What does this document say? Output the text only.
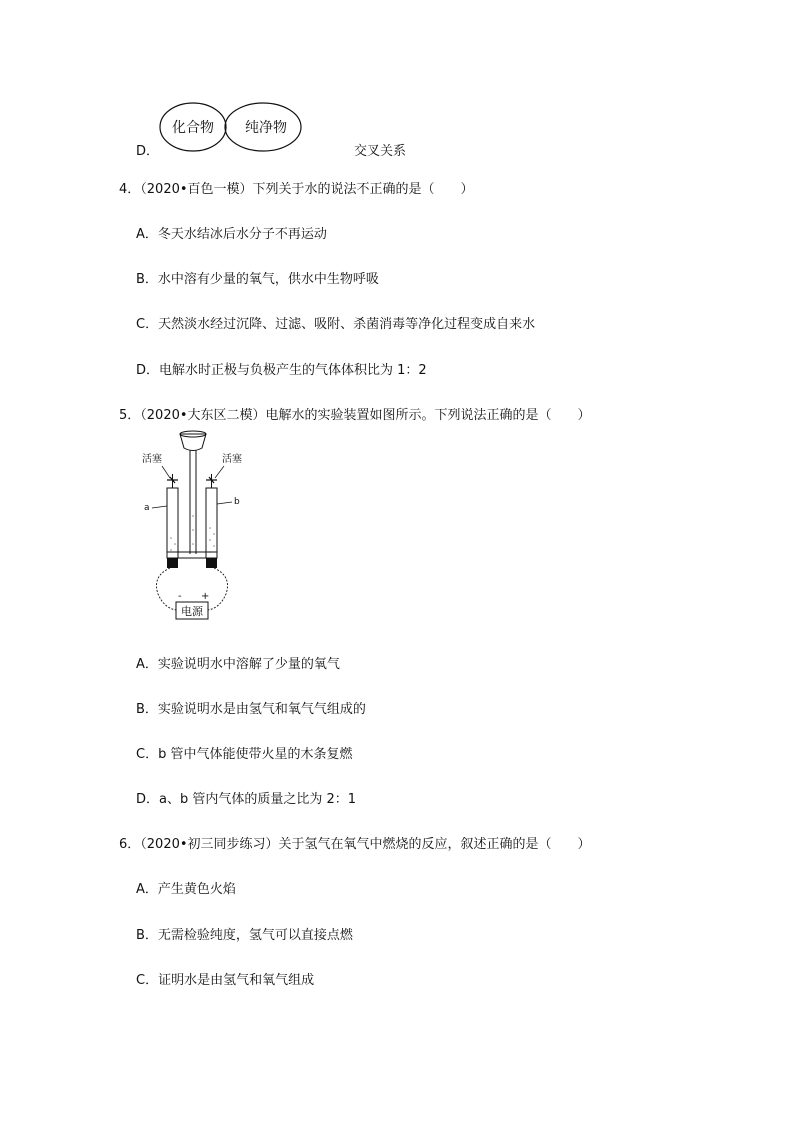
化合物 纯净物
D．	交叉关系
4．（2020•百色一模）下列关于水的说法不正确的是（　　）
A．冬天水结冰后水分子不再运动
B．水中溶有少量的氧气，供水中生物呼吸
C．天然淡水经过沉降、过滤、吸附、杀菌消毒等净化过程变成自来水
D．电解水时正极与负极产生的气体体积比为 1：2
5．（2020•大东区二模）电解水的实验装置如图所示。下列说法正确的是（　　）
活塞	活塞
a
b
- +
电源
A．实验说明水中溶解了少量的氧气
B．实验说明水是由氢气和氧气气组成的
C．b 管中气体能使带火星的木条复燃
D．a、b 管内气体的质量之比为 2：1
6．（2020•初三同步练习）关于氢气在氧气中燃烧的反应，叙述正确的是（　　）
A．产生黄色火焰
B．无需检验纯度，氢气可以直接点燃
C．证明水是由氢气和氧气组成
